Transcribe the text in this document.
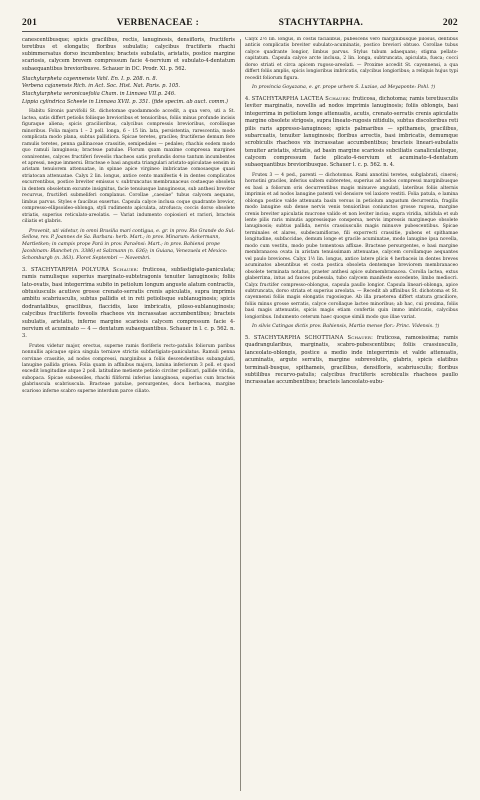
201	VERBENACEAE :	STACHYTARPHA.	202

canescentibusque; spicis gracilibus, rectis, lanuginosis, densifloris, fructiferis teretibus et elongatis; floribus subulatis; calycibus fructiferis rhachi subimmersatus dorso incumbentes; bracteis subulatis, aristatis, postice margine scariosis, calycem brevem compressum facie 4-nervium et subulato-4-dentatum subaequantibus brevioribusve. Schauer in DC. Prodr. XI. p. 562.

Stachytarpheta cayennensis Vahl. En. I. p. 208. n. 8.

Verbena cajanensis Rich. in Act. Soc. Hist. Nat. Paris. p. 105.

Stachytarpheta veronicaefolia Cham. in Linnaea VII.p. 246.

Lippia cylindrica Scheele in Linnaea XVII. p. 351. (fide specim. ab auct. comm.)

Habitu Sironis parvifolii St. dichotomae quodammodo accedit, a qua vero, uti a St. lactea, satis differt petiolis foliisque brevioribus et tenuioribus, foliis minus profunde incisis figuraque aliena; spicis gracilioribus, calycibus compressis brevioribus, corollisque minoribus. Folia majora 1 – 2 poll. longa, 6 – 15 lin. lata, persistentia, rarescentia, modo complicata modo plana, subtus pallidiora. Spicae teretes, graciles; fructiferae demum fere ramulis teretes, penna gallinaceae crassitie, semipedales — pedales; rhachis eodem modo quo ramuli lanuginosa; bracteae patulae. Florum quam maxime compressa margines conniventes, calyces fructiferi foveolis rhacheos satis profundis dorso tantum incumbentes et apressi, neque immersi. Bracteae e basi angusta triangulari aristato-apiculatae sensim in aristam tenuiorem attenuatae, in spinae apice virgineo imbricatae comosaeque quasi striatocan attenuatae. Calyx 2 lin. longus, antice cento manifestis 4 in dentes complicatos excurrentibus, postice breviter emissus v. subtruncatus membranaceus costaeque obsoleta in dentem obsoletum excunte insignitus, facie tenuiusque lanuginosus, sub anthesi breviter recurvus, fructiferi submeliferi complanus. Corollae „caesiae“ tubus calycem aequans, limbus parvus. Styles e faucibus exsertus. Capsula calyce inclusa coque quadrante brevior, compresso-ellipsoideo-oblonga, stylì rudimento apiculata, atrofusca; coccis dorso obsolete striatis, superius reticulato-areolatis. — Variat indumento copiosiori et rariori, bracteis ciliatis et glabris.

Provenit, uti videtur, in omni Brasilia mari contigua, e. gr. in prov. Rio Grande do Sul: Sellow, rev. P. Joannes de Sa. Barbara: herb. Mart.; in prov. Minarum: Ackermann, Martletken; in campis prope Pará in prov. Paraënsi: Mart.; in prov. Bahiensi prope Jacobinam: Blanchet (n. 3386) et Salzmann (n. 636); in Guiana, Venezuela et Mexico: Schomburgh (n. 363). Floret Septembri — Novembri.

3. STACHYTARPHA POLYURA Schauer: fruticosa, subfastigiato-paniculata; ramis ramulisque superius marginato-subtetragonis tenuiter lanuginosis; foliis lato-ovatis, basi integerrima subito in petiolum longum anguste alatum contractis, obtusiusculis acutisve grosse crenato-serratis crenis apiculatis, supra imprimis ambitu scabriusculis, subtus pallidis et in reti petiolisque sublanuginosis; spicis dodrantalibus, gracilibus, flaccidis, laxe imbricatis, piloso-sublanuginosis; calycibus fructiferis foveolis rhacheos vix incrassatae accumbentibus; bracteis subulatis, aristatis, inferne margine scariosis calycem compressum facie 4-nervium et acuminato — 4 — dentatum subaequantibus. Schauer in l. c. p. 562. n. 3.

Frutex videtur major, erectus, superne ramis floriferis recto-patulis foliorum paribus nonnullis apicaque spica singula terniave strictis subfastigiato-paniculatus. Ramuli penna corvinae crassitie, ad nodos compressi, marginibus a foliis descendentibus subangulati, lanugine pallida grisea. Folia quam in affinibus majora, lamina inferiorum 3 poll. et quod excedit longitudine atque 2 poll. latitudine metiente petiolo circiter pollicari, pallide viridia, subopaca. Spicae subsessiles, rhachi filiformi inferius lanuginosa, superius cum bracteis glabriuscula scabriuscula. Bracteae patulae, persurgentes, docu herbacea, margine scarioso inferne scabro superne interdum parce ciliato.

Calyx 2½ lin. longus, in costis facialibus, pubescens vero marginibusque pilosus, dentibus anticis complicatis breviter subulato-acuminatis, postico breviori obtuso. Corollae tubus calyce quadrante longior, limbus parvus. Stylus tubum adaequans; stigma pellato-capitatum. Capsula calyce arcte inclusa, 2 lin. longa, subtruncata, apiculata, fusca; cocci dorso striati et circa apicem rugoso-areolati. — Proxime accedit St. cayennensi, a qua differt foliis amplis, spicis longioribus imbricatis, calycibus longioribus; a reliquis hujus typi recedit foliorum figura.

In provincia Goyazana, e. gr. prope urbem S. Luziae, ad Meyaponte: Pohl. †)

4. STACHYTARPHA LACTEA Schauer: fruticosa, dichotoma; ramis teretiusculis leviter marginatis, novellis ad nodos imprimis lanuginosis; foliis oblongis, basi integerrima in petiolum longe attenuatis, acutis, crenato-serratis crenis apiculatis margine obsolete strigosis, supra lineato-rugosis nitidulis, subtus discoloribus reti pilis raris appresso-lanuginoso; spicis palmaribus — spithameis, gracilibus, subarcuatis, tenuiter lanuginosis; floribus arrectis, basi imbricatis, demumque scrobiculis rhacheos vix incrassatae accumbentibus; bracteis lineari-subulatis tenuiter aristatis, striatis, ad basin margine scariosis subciliatis canaliculatisque, calycem compressum facie plicato-4-nervium et acuminato-4-dentatum subaequantibus brevioribusque. Schauer l. c. p. 562. n. 4.

Frutex 3 — 4 ped., parenti — dichotomus. Rami annotini teretes, subglabrati, cinerei; hornotini graciles, inferius saltem subteretes, superius ad nodos compressi marginibusque ex basi a foliorum oris decurrentibus magis minusve angulati, lateribus foliis alternis imprimis et ad nodos lanugine patenti vel densiore vel laxiore vestiti. Folia patula, e lamina oblonga postice valde attenuata basin versus in petiolum angustum decurrentia, fragilis modo lanugine sub dense nervis venis tenuioribus coniunctos grosse rugosa, margine crenis breviter apiculatis mucrone valido et non leviter incisa; supra viridia, nitidula et sub lente pilis raris minutis appressisque conspersa, nervis impressis margineque obsolete lanuginosis; subtus pallida, nervis crassiusculis magis minusve pubescentibus. Spicae terminales et alares, subdecamiflorae, fili exporrecti crassitie, pubens et spithamae longitudine, subfaccidae, demum longe et gracile acuminatae, modo lanugine ipsa novella, modo cum vestitu, modo pube tomentosa affixae. Bracteae persurgentes, e basi margine membranacea ovata in aristam tenuissimam attenuatae, calycem corollamque aequantes vel paulo breviores. Calyx 1½ lin. longus, antice latere plicis 4 herbaceis in dentes breves acuminatos abeuntibus et costa postica obsoleta dentemque breviorem membranaceo obsolete terminata notatus, praeter anthesi apice submembranacea. Corolla lactea, extus glaberrima, intus ad fauces pubesula, tubo calycem manifeste excedente, limbo mediocri. Calyx fructifer compresso-oblongus, capsula paullo longior. Capsula lineari-oblonga, apice subtruncata, dorso striata et superius areolata. — Recedit ab affinibus St. dichotoma et St. cayennensi foliis magis elongatis rugosisque. Ab illa praeterea differt statura graciliore, foliis minus grosse serratis, calyce corollaque lacteo minoribus; ab hac, cui proxima, foliis basi magis attenuatis, spicis magis etiam confertis quin immo imbricatis, calycibus longioribus. Indumento ceterum haec quoque simili modo quo illae variat.

In silvis Catingas dictis prov. Bahiensis, Martio mense flor.: Princ. Vidensis. †)

5. STACHYTARPHA SCHOTTIANA Schauer: fruticosa, ramosissima; ramis quadrangularibus, marginatis, scabro-pubescentibus; foliis crassiusculis, lanceolato-oblongis, postice a medio inde integerrimis et valde attenuatis, acuminatis, argute serratis, margine subrevolutis, glabris, spicis elatibus terminali-busque, spithameis, gracilibus, densifloris, scabriusculis; floribus subtilibus recurvo-patulis; calycibus fructiferis scrobiculis rhacheos paullo incrassatae accumbentibus; bracteis lanceolato-subu-
